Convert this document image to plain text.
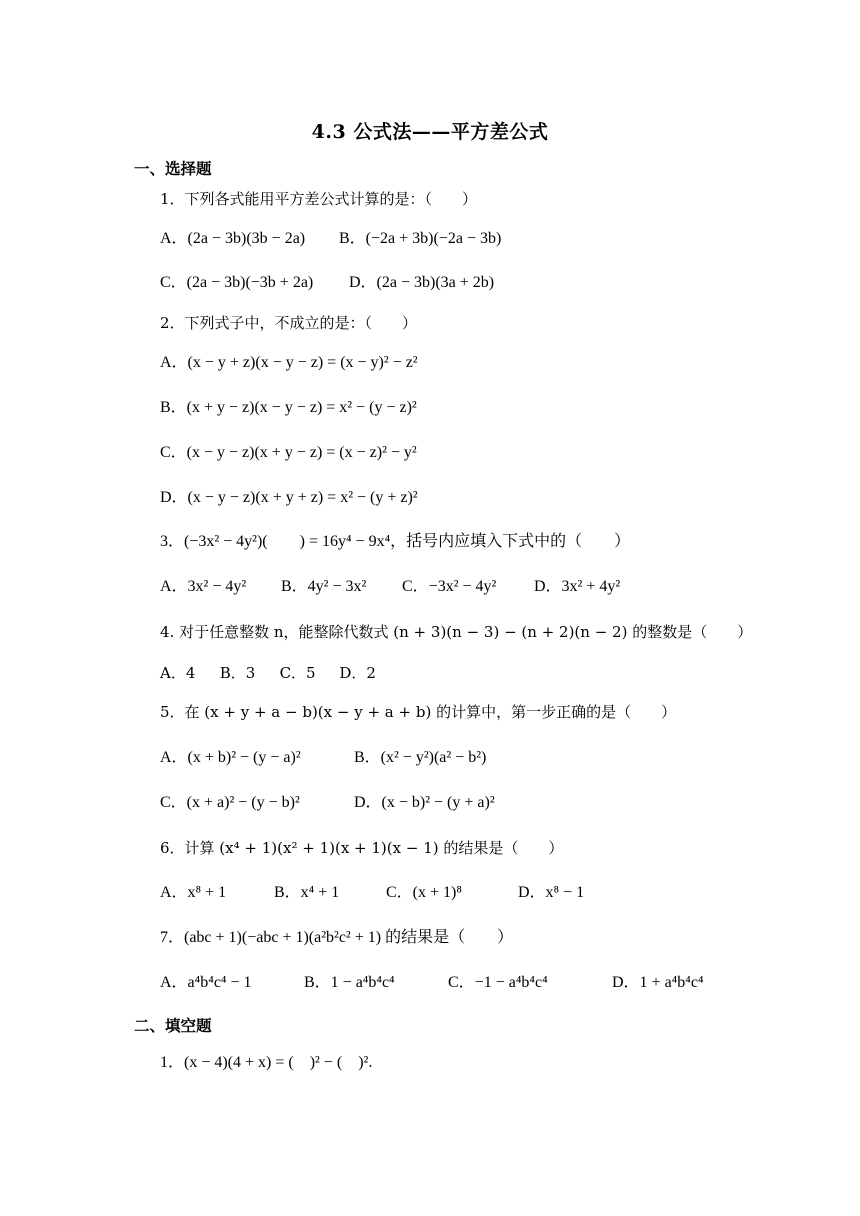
4.3 公式法——平方差公式
一、选择题
1．下列各式能用平方差公式计算的是：（　　）
A．(2a − 3b)(3b − 2a) B．(−2a + 3b)(−2a − 3b)
C．(2a − 3b)(−3b + 2a) D．(2a − 3b)(3a + 2b)
2．下列式子中，不成立的是：（　　）
A．(x − y + z)(x − y − z) = (x − y)² − z²
B．(x + y − z)(x − y − z) = x² − (y − z)²
C．(x − y − z)(x + y − z) = (x − z)² − y²
D．(x − y − z)(x + y + z) = x² − (y + z)²
3．(−3x² − 4y²)(　　) = 16y⁴ − 9x⁴，括号内应填入下式中的（　　）
A．3x² − 4y² B．4y² − 3x² C．−3x² − 4y² D．3x² + 4y²
4. 对于任意整数 n，能整除代数式 (n + 3)(n − 3) − (n + 2)(n − 2) 的整数是（　　）
A．4 B．3 C．5 D．2
5．在 (x + y + a − b)(x − y + a + b) 的计算中，第一步正确的是（　　）
A．(x + b)² − (y − a)²	B．(x² − y²)(a² − b²)
C．(x + a)² − (y − b)²	D．(x − b)² − (y + a)²
6．计算 (x⁴ + 1)(x² + 1)(x + 1)(x − 1) 的结果是（　　）
A．x⁸ + 1	B．x⁴ + 1	C．(x + 1)⁸	D．x⁸ − 1
7．(abc + 1)(−abc + 1)(a²b²c² + 1) 的结果是（　　）
A．a⁴b⁴c⁴ − 1	B．1 − a⁴b⁴c⁴	C．−1 − a⁴b⁴c⁴	D．1 + a⁴b⁴c⁴
二、填空题
1．(x − 4)(4 + x) = (　)² − (　)².
